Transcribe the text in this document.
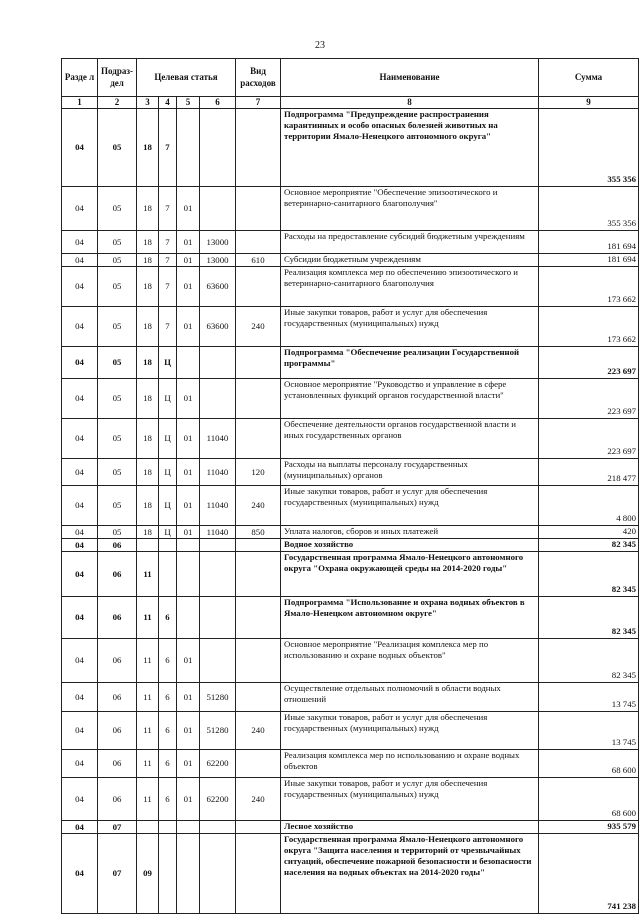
23
Разде л	Подраз- дел	Целевая статья				Вид расходов	Наименование	Сумма
1	2	3	4	5	6	7	8	9
04	05	18	7				Подпрограмма "Предупреждение распространения карантинных и особо опасных болезней животных на территории Ямало-Ненецкого автономного округа"	355 356
04	05	18	7	01			Основное мероприятие "Обеспечение эпизоотического и ветеринарно-санитарного благополучия"	355 356
04	05	18	7	01	13000		Расходы на предоставление субсидий бюджетным учреждениям	181 694
04	05	18	7	01	13000	610	Субсидии бюджетным учреждениям	181 694
04	05	18	7	01	63600		Реализация комплекса мер по обеспечению эпизоотического и ветеринарно-санитарного благополучия	173 662
04	05	18	7	01	63600	240	Иные закупки товаров, работ и услуг для обеспечения государственных (муниципальных) нужд	173 662
04	05	18	Ц				Подпрограмма "Обеспечение реализации Государственной программы"	223 697
04	05	18	Ц	01			Основное мероприятие "Руководство и управление в сфере установленных функций органов государственной власти"	223 697
04	05	18	Ц	01	11040		Обеспечение деятельности органов государственной власти и иных государственных органов	223 697
04	05	18	Ц	01	11040	120	Расходы на выплаты персоналу государственных (муниципальных) органов	218 477
04	05	18	Ц	01	11040	240	Иные закупки товаров, работ и услуг для обеспечения государственных (муниципальных) нужд	4 800
04	05	18	Ц	01	11040	850	Уплата налогов, сборов и иных платежей	420
04	06						Водное хозяйство	82 345
04	06	11					Государственная программа Ямало-Ненецкого автономного округа "Охрана окружающей среды на 2014-2020 годы"	82 345
04	06	11	6				Подпрограмма "Использование и охрана водных объектов в Ямало-Ненецком автономном округе"	82 345
04	06	11	6	01			Основное мероприятие "Реализация комплекса мер по использованию и охране водных объектов"	82 345
04	06	11	6	01	51280		Осуществление отдельных полномочий в области водных отношений	13 745
04	06	11	6	01	51280	240	Иные закупки товаров, работ и услуг для обеспечения государственных (муниципальных) нужд	13 745
04	06	11	6	01	62200		Реализация комплекса мер по использованию и охране водных объектов	68 600
04	06	11	6	01	62200	240	Иные закупки товаров, работ и услуг для обеспечения государственных (муниципальных) нужд	68 600
04	07						Лесное хозяйство	935 579
04	07	09					Государственная программа Ямало-Ненецкого автономного округа "Защита населения и территорий от чрезвычайных ситуаций, обеспечение пожарной безопасности и безопасности населения на водных объектах на 2014-2020 годы"	741 238
